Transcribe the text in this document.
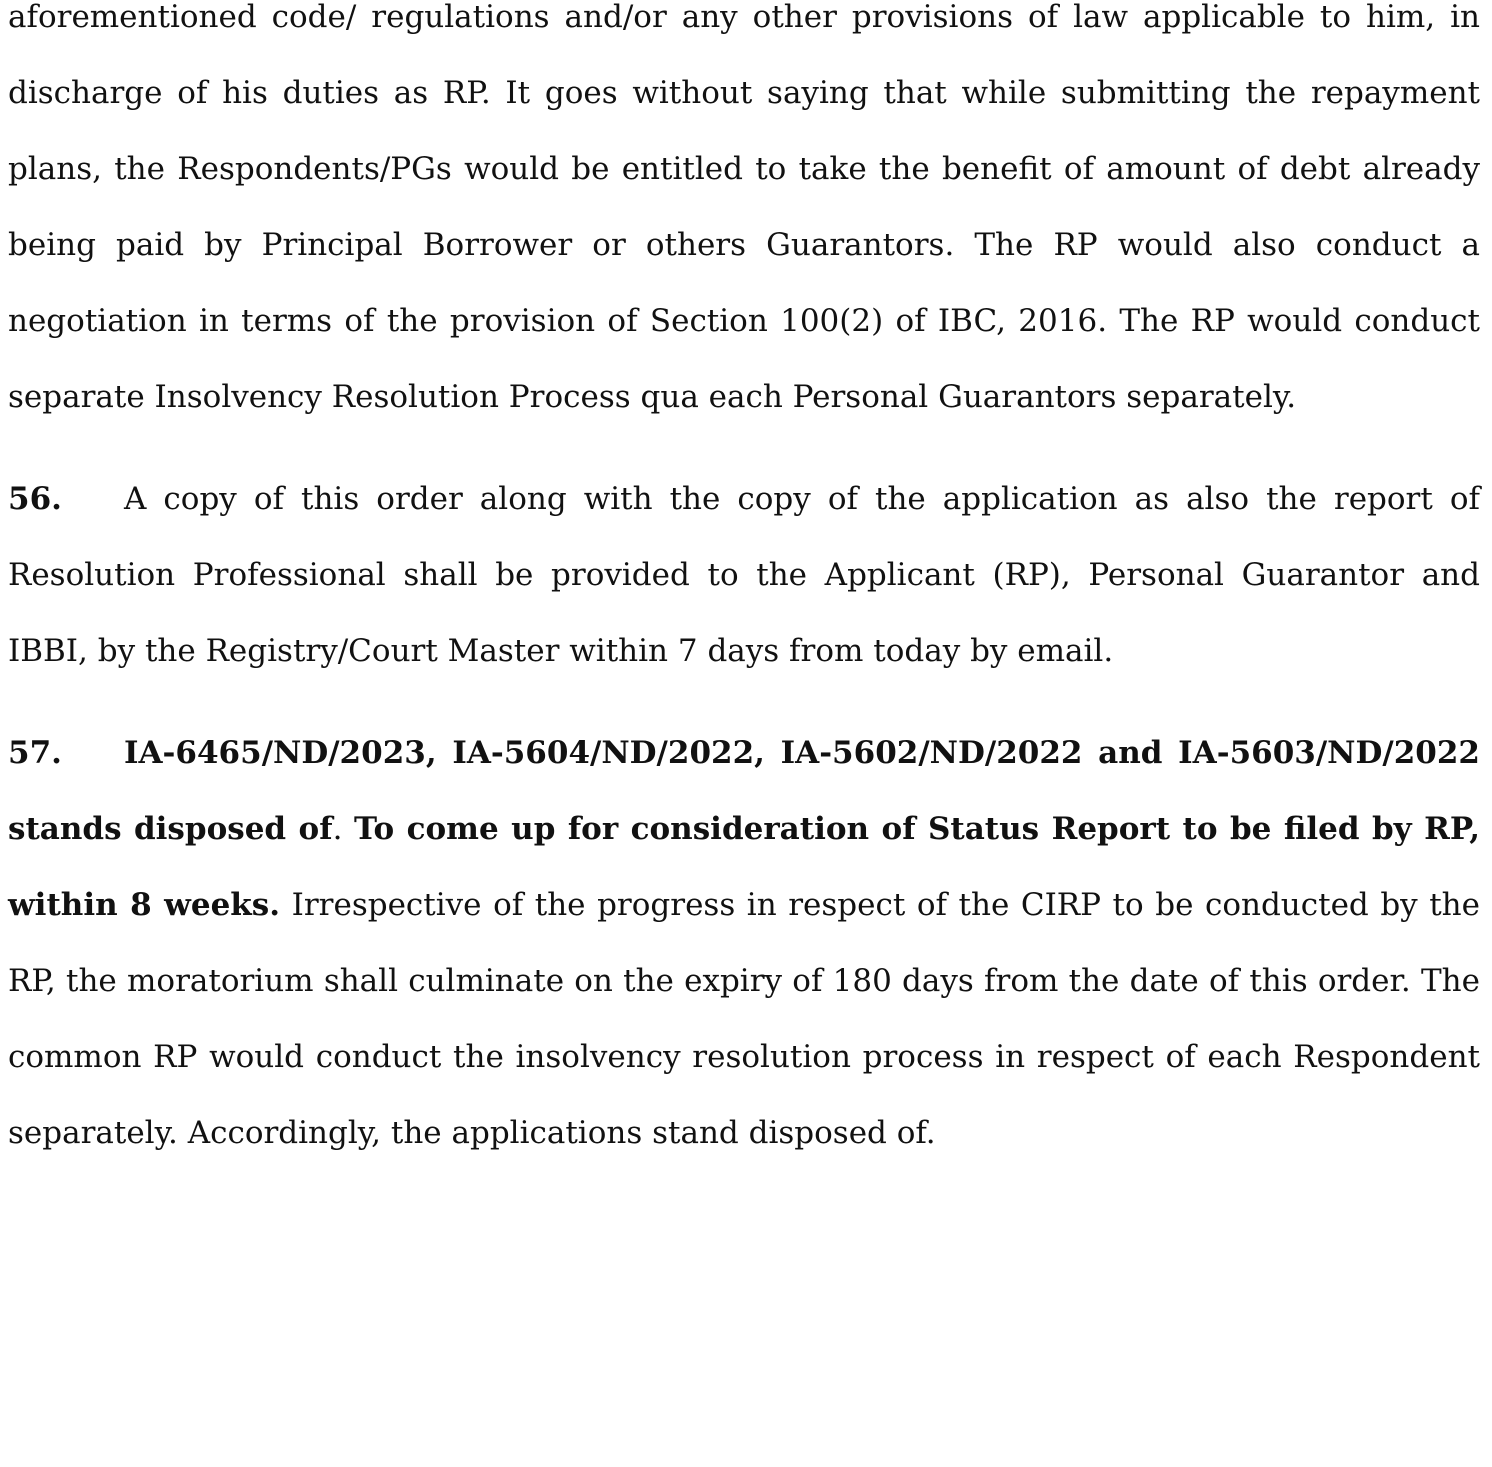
aforementioned code/ regulations and/or any other provisions of law applicable to him, in discharge of his duties as RP. It goes without saying that while submitting the repayment plans, the Respondents/PGs would be entitled to take the benefit of amount of debt already being paid by Principal Borrower or others Guarantors. The RP would also conduct a negotiation in terms of the provision of Section 100(2) of IBC, 2016. The RP would conduct separate Insolvency Resolution Process qua each Personal Guarantors separately.

56. A copy of this order along with the copy of the application as also the report of Resolution Professional shall be provided to the Applicant (RP), Personal Guarantor and IBBI, by the Registry/Court Master within 7 days from today by email.

57. IA-6465/ND/2023, IA-5604/ND/2022, IA-5602/ND/2022 and IA-5603/ND/2022 stands disposed of. To come up for consideration of Status Report to be filed by RP, within 8 weeks. Irrespective of the progress in respect of the CIRP to be conducted by the RP, the moratorium shall culminate on the expiry of 180 days from the date of this order. The common RP would conduct the insolvency resolution process in respect of each Respondent separately. Accordingly, the applications stand disposed of.
